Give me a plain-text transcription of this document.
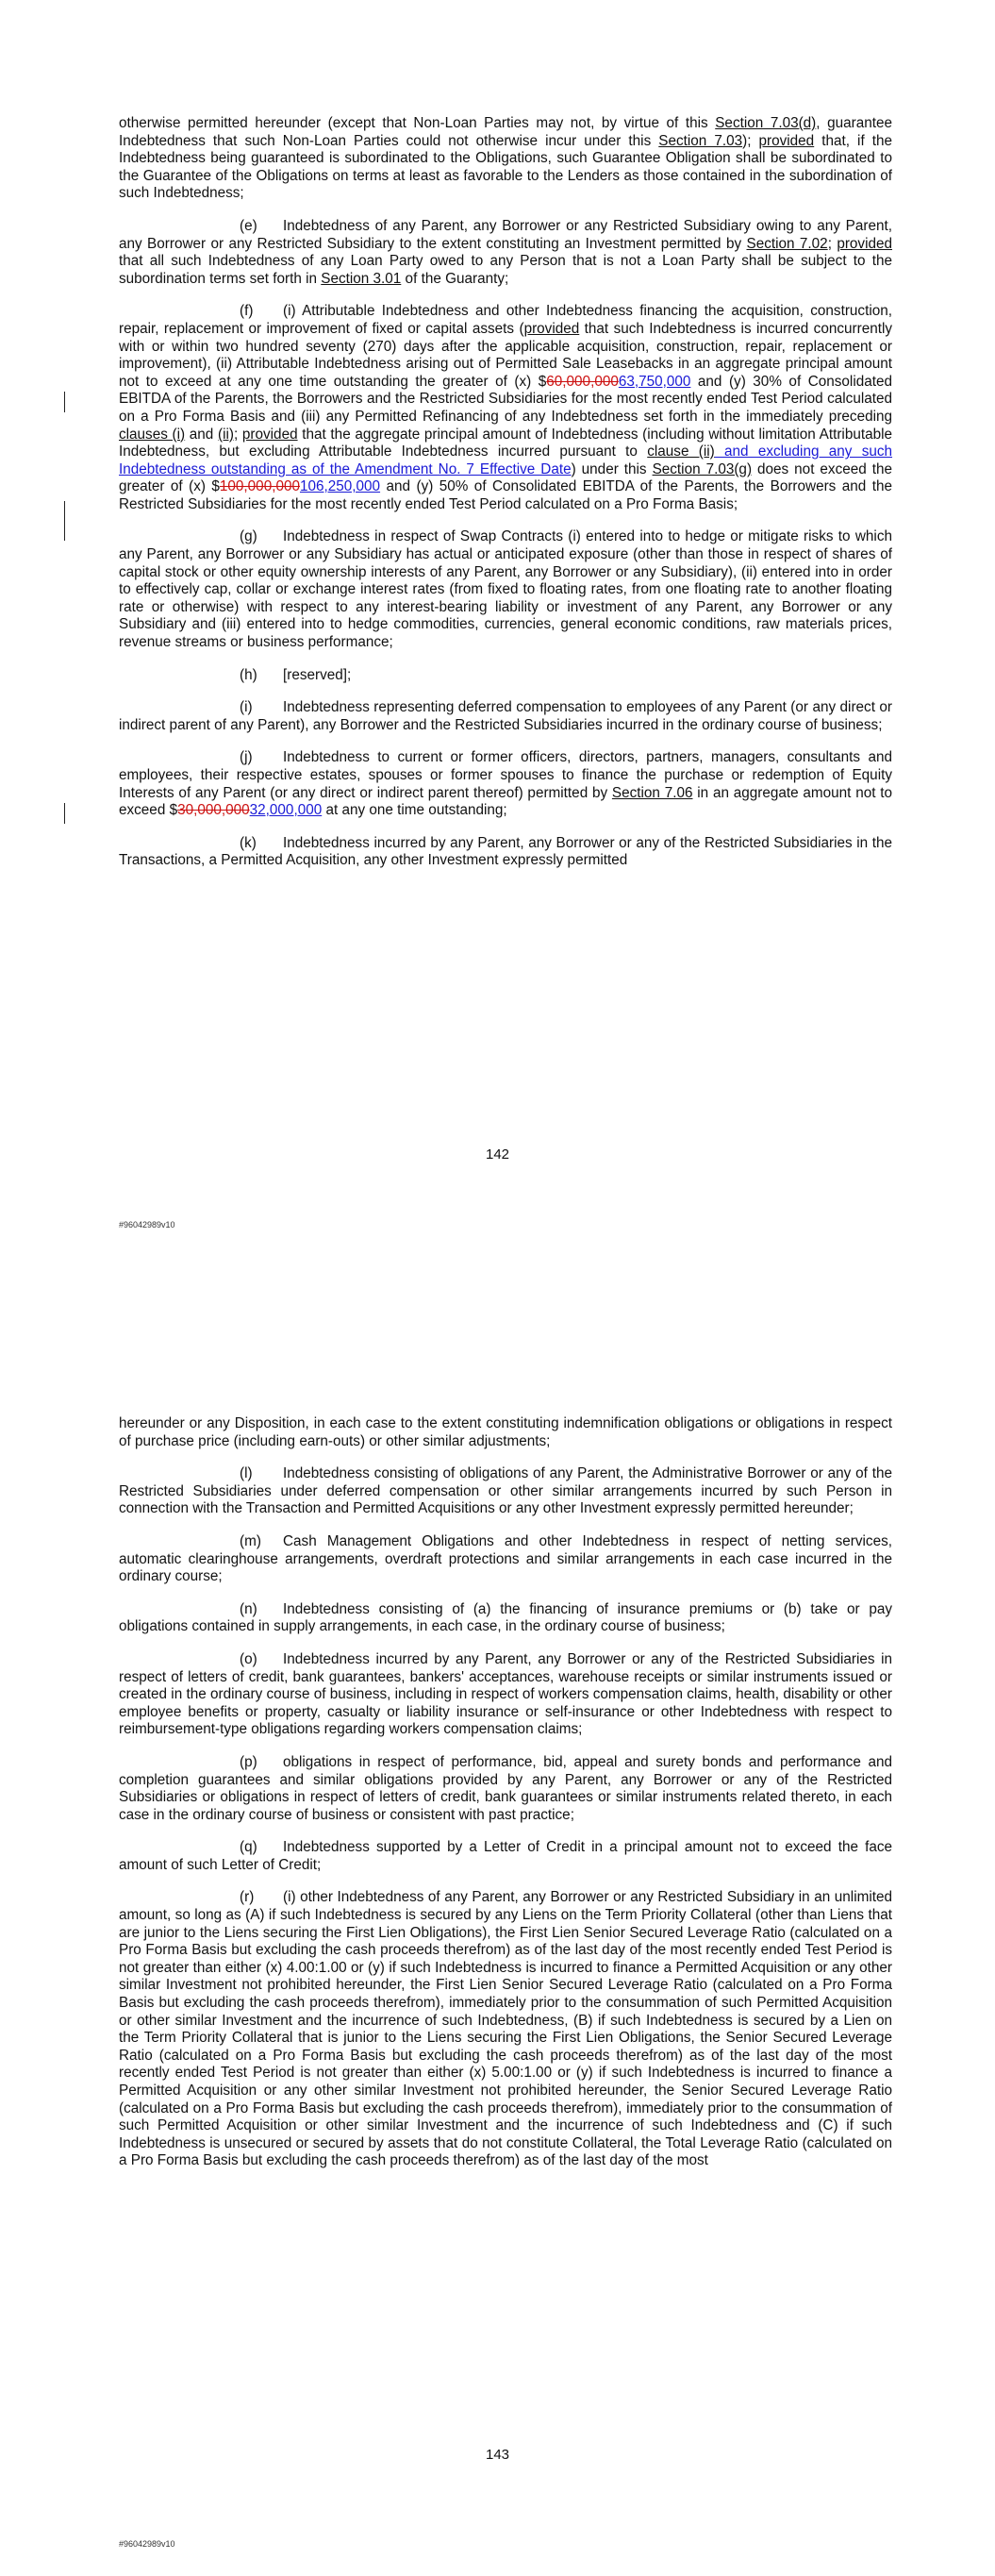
otherwise permitted hereunder (except that Non-Loan Parties may not, by virtue of this Section 7.03(d), guarantee Indebtedness that such Non-Loan Parties could not otherwise incur under this Section 7.03); provided that, if the Indebtedness being guaranteed is subordinated to the Obligations, such Guarantee Obligation shall be subordinated to the Guarantee of the Obligations on terms at least as favorable to the Lenders as those contained in the subordination of such Indebtedness;

(e) Indebtedness of any Parent, any Borrower or any Restricted Subsidiary owing to any Parent, any Borrower or any Restricted Subsidiary to the extent constituting an Investment permitted by Section 7.02; provided that all such Indebtedness of any Loan Party owed to any Person that is not a Loan Party shall be subject to the subordination terms set forth in Section 3.01 of the Guaranty;

(f) (i) Attributable Indebtedness and other Indebtedness financing the acquisition, construction, repair, replacement or improvement of fixed or capital assets (provided that such Indebtedness is incurred concurrently with or within two hundred seventy (270) days after the applicable acquisition, construction, repair, replacement or improvement), (ii) Attributable Indebtedness arising out of Permitted Sale Leasebacks in an aggregate principal amount not to exceed at any one time outstanding the greater of (x) $60,000,00063,750,000 and (y) 30% of Consolidated EBITDA of the Parents, the Borrowers and the Restricted Subsidiaries for the most recently ended Test Period calculated on a Pro Forma Basis and (iii) any Permitted Refinancing of any Indebtedness set forth in the immediately preceding clauses (i) and (ii); provided that the aggregate principal amount of Indebtedness (including without limitation Attributable Indebtedness, but excluding Attributable Indebtedness incurred pursuant to clause (ii) and excluding any such Indebtedness outstanding as of the Amendment No. 7 Effective Date) under this Section 7.03(g) does not exceed the greater of (x) $100,000,000106,250,000 and (y) 50% of Consolidated EBITDA of the Parents, the Borrowers and the Restricted Subsidiaries for the most recently ended Test Period calculated on a Pro Forma Basis;

(g) Indebtedness in respect of Swap Contracts (i) entered into to hedge or mitigate risks to which any Parent, any Borrower or any Subsidiary has actual or anticipated exposure (other than those in respect of shares of capital stock or other equity ownership interests of any Parent, any Borrower or any Subsidiary), (ii) entered into in order to effectively cap, collar or exchange interest rates (from fixed to floating rates, from one floating rate to another floating rate or otherwise) with respect to any interest-bearing liability or investment of any Parent, any Borrower or any Subsidiary and (iii) entered into to hedge commodities, currencies, general economic conditions, raw materials prices, revenue streams or business performance;

(h) [reserved];

(i) Indebtedness representing deferred compensation to employees of any Parent (or any direct or indirect parent of any Parent), any Borrower and the Restricted Subsidiaries incurred in the ordinary course of business;

(j) Indebtedness to current or former officers, directors, partners, managers, consultants and employees, their respective estates, spouses or former spouses to finance the purchase or redemption of Equity Interests of any Parent (or any direct or indirect parent thereof) permitted by Section 7.06 in an aggregate amount not to exceed $30,000,00032,000,000 at any one time outstanding;

(k) Indebtedness incurred by any Parent, any Borrower or any of the Restricted Subsidiaries in the Transactions, a Permitted Acquisition, any other Investment expressly permitted

142
#96042989v10

hereunder or any Disposition, in each case to the extent constituting indemnification obligations or obligations in respect of purchase price (including earn-outs) or other similar adjustments;

(l) Indebtedness consisting of obligations of any Parent, the Administrative Borrower or any of the Restricted Subsidiaries under deferred compensation or other similar arrangements incurred by such Person in connection with the Transaction and Permitted Acquisitions or any other Investment expressly permitted hereunder;

(m) Cash Management Obligations and other Indebtedness in respect of netting services, automatic clearinghouse arrangements, overdraft protections and similar arrangements in each case incurred in the ordinary course;

(n) Indebtedness consisting of (a) the financing of insurance premiums or (b) take or pay obligations contained in supply arrangements, in each case, in the ordinary course of business;

(o) Indebtedness incurred by any Parent, any Borrower or any of the Restricted Subsidiaries in respect of letters of credit, bank guarantees, bankers' acceptances, warehouse receipts or similar instruments issued or created in the ordinary course of business, including in respect of workers compensation claims, health, disability or other employee benefits or property, casualty or liability insurance or self-insurance or other Indebtedness with respect to reimbursement-type obligations regarding workers compensation claims;

(p) obligations in respect of performance, bid, appeal and surety bonds and performance and completion guarantees and similar obligations provided by any Parent, any Borrower or any of the Restricted Subsidiaries or obligations in respect of letters of credit, bank guarantees or similar instruments related thereto, in each case in the ordinary course of business or consistent with past practice;

(q) Indebtedness supported by a Letter of Credit in a principal amount not to exceed the face amount of such Letter of Credit;

(r) (i) other Indebtedness of any Parent, any Borrower or any Restricted Subsidiary in an unlimited amount, so long as (A) if such Indebtedness is secured by any Liens on the Term Priority Collateral (other than Liens that are junior to the Liens securing the First Lien Obligations), the First Lien Senior Secured Leverage Ratio (calculated on a Pro Forma Basis but excluding the cash proceeds therefrom) as of the last day of the most recently ended Test Period is not greater than either (x) 4.00:1.00 or (y) if such Indebtedness is incurred to finance a Permitted Acquisition or any other similar Investment not prohibited hereunder, the First Lien Senior Secured Leverage Ratio (calculated on a Pro Forma Basis but excluding the cash proceeds therefrom), immediately prior to the consummation of such Permitted Acquisition or other similar Investment and the incurrence of such Indebtedness, (B) if such Indebtedness is secured by a Lien on the Term Priority Collateral that is junior to the Liens securing the First Lien Obligations, the Senior Secured Leverage Ratio (calculated on a Pro Forma Basis but excluding the cash proceeds therefrom) as of the last day of the most recently ended Test Period is not greater than either (x) 5.00:1.00 or (y) if such Indebtedness is incurred to finance a Permitted Acquisition or any other similar Investment not prohibited hereunder, the Senior Secured Leverage Ratio (calculated on a Pro Forma Basis but excluding the cash proceeds therefrom), immediately prior to the consummation of such Permitted Acquisition or other similar Investment and the incurrence of such Indebtedness and (C) if such Indebtedness is unsecured or secured by assets that do not constitute Collateral, the Total Leverage Ratio (calculated on a Pro Forma Basis but excluding the cash proceeds therefrom) as of the last day of the most

143
#96042989v10
